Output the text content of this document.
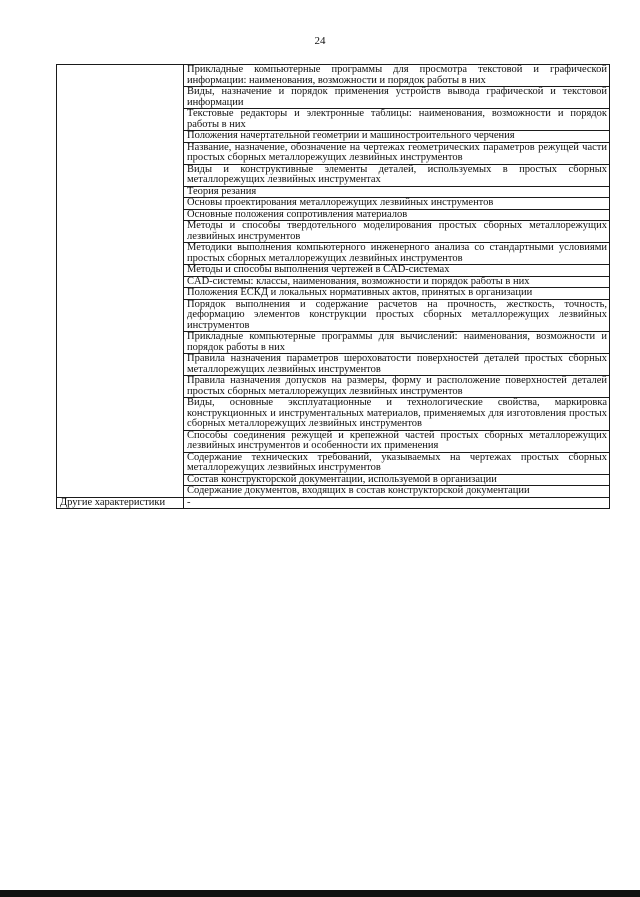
24
	Прикладные компьютерные программы для просмотра текстовой и графической информации: наименования, возможности и порядок работы в них
	Виды, назначение и порядок применения устройств вывода графической и текстовой информации
	Текстовые редакторы и электронные таблицы: наименования, возможности и порядок работы в них
	Положения начертательной геометрии и машиностроительного черчения
	Название, назначение, обозначение на чертежах геометрических параметров режущей части простых сборных металлорежущих лезвийных инструментов
	Виды и конструктивные элементы деталей, используемых в простых сборных металлорежущих лезвийных инструментах
	Теория резания
	Основы проектирования металлорежущих лезвийных инструментов
	Основные положения сопротивления материалов
	Методы и способы твердотельного моделирования простых сборных металлорежущих лезвийных инструментов
	Методики выполнения компьютерного инженерного анализа со стандартными условиями простых сборных металлорежущих лезвийных инструментов
	Методы и способы выполнения чертежей в CAD-системах
	CAD-системы: классы, наименования, возможности и порядок работы в них
	Положения ЕСКД и локальных нормативных актов, принятых в организации
	Порядок выполнения и содержание расчетов на прочность, жесткость, точность, деформацию элементов конструкции простых сборных металлорежущих лезвийных инструментов
	Прикладные компьютерные программы для вычислений: наименования, возможности и порядок работы в них
	Правила назначения параметров шероховатости поверхностей деталей простых сборных металлорежущих лезвийных инструментов
	Правила назначения допусков на размеры, форму и расположение поверхностей деталей простых сборных металлорежущих лезвийных инструментов
	Виды, основные эксплуатационные и технологические свойства, маркировка конструкционных и инструментальных материалов, применяемых для изготовления простых сборных металлорежущих лезвийных инструментов
	Способы соединения режущей и крепежной частей простых сборных металлорежущих лезвийных инструментов и особенности их применения
	Содержание технических требований, указываемых на чертежах простых сборных металлорежущих лезвийных инструментов
	Состав конструкторской документации, используемой в организации
	Содержание документов, входящих в состав конструкторской документации
Другие характеристики	-
